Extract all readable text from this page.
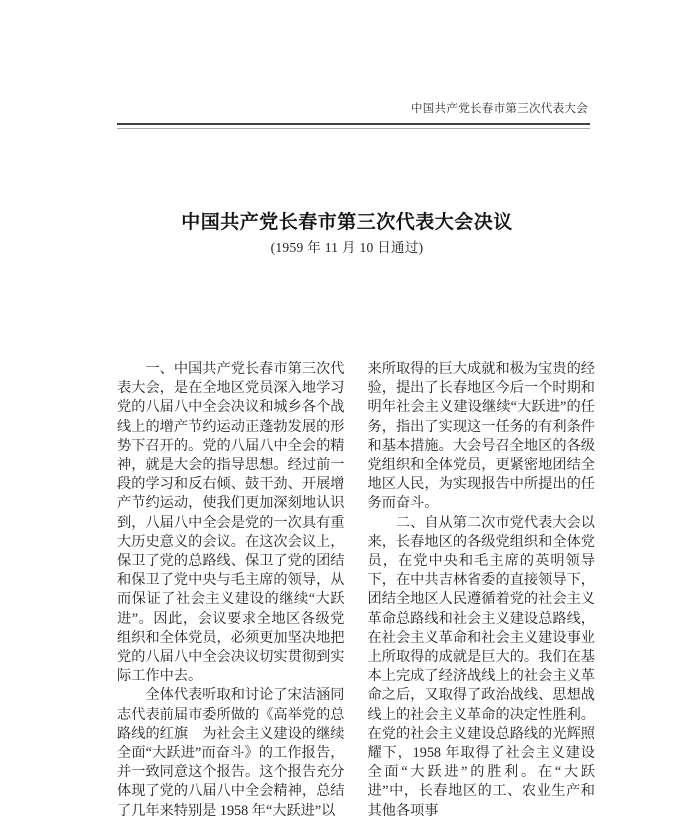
中国共产党长春市第三次代表大会
中国共产党长春市第三次代表大会决议
(1959 年 11 月 10 日通过)

一、中国共产党长春市第三次代表大会，是在全地区党员深入地学习党的八届八中全会决议和城乡各个战线上的增产节约运动正蓬勃发展的形势下召开的。党的八届八中全会的精神，就是大会的指导思想。经过前一段的学习和反右倾、鼓干劲、开展增产节约运动，使我们更加深刻地认识到，八届八中全会是党的一次具有重大历史意义的会议。在这次会议上，保卫了党的总路线、保卫了党的团结和保卫了党中央与毛主席的领导，从而保证了社会主义建设的继续“大跃进”。因此，会议要求全地区各级党组织和全体党员，必须更加坚决地把党的八届八中全会决议切实贯彻到实际工作中去。

全体代表听取和讨论了宋洁涵同志代表前届市委所做的《高举党的总路线的红旗　为社会主义建设的继续全面“大跃进”而奋斗》的工作报告，并一致同意这个报告。这个报告充分体现了党的八届八中全会精神，总结了几年来特别是 1958 年“大跃进”以

来所取得的巨大成就和极为宝贵的经验，提出了长春地区今后一个时期和明年社会主义建设继续“大跃进”的任务，指出了实现这一任务的有利条件和基本措施。大会号召全地区的各级党组织和全体党员，更紧密地团结全地区人民，为实现报告中所提出的任务而奋斗。

二、自从第二次市党代表大会以来，长春地区的各级党组织和全体党员，在党中央和毛主席的英明领导下，在中共吉林省委的直接领导下，团结全地区人民遵循着党的社会主义革命总路线和社会主义建设总路线，在社会主义革命和社会主义建设事业上所取得的成就是巨大的。我们在基本上完成了经济战线上的社会主义革命之后，又取得了政治战线、思想战线上的社会主义革命的决定性胜利。在党的社会主义建设总路线的光辉照耀下，1958 年取得了社会主义建设全面“大跃进”的胜利。在“大跃进”中，长春地区的工、农业生产和其他各项事
